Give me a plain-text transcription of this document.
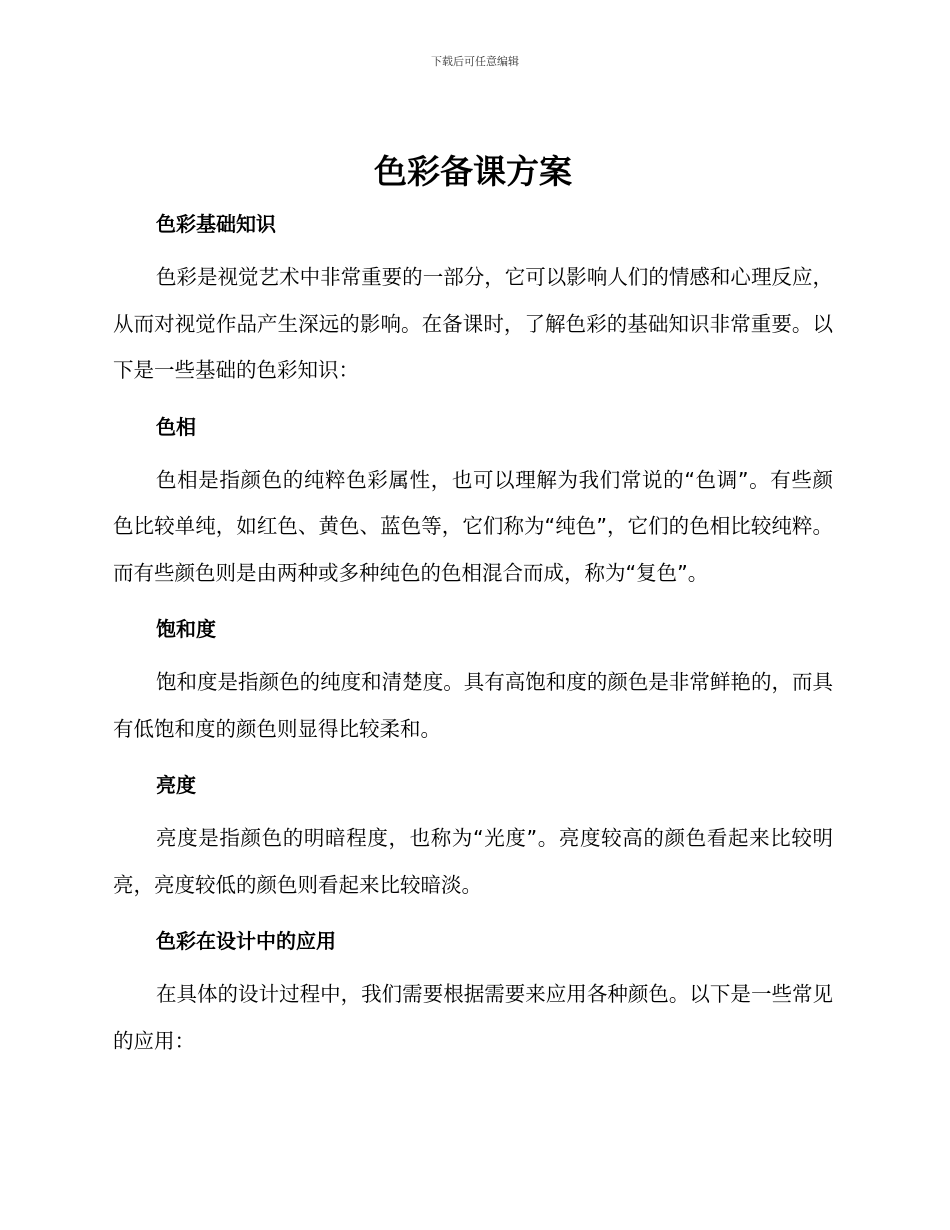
下载后可任意编辑
色彩备课方案
色彩基础知识

色彩是视觉艺术中非常重要的一部分，它可以影响人们的情感和心理反应，从而对视觉作品产生深远的影响。在备课时，了解色彩的基础知识非常重要。以下是一些基础的色彩知识：

色相

色相是指颜色的纯粹色彩属性，也可以理解为我们常说的“色调”。有些颜色比较单纯，如红色、黄色、蓝色等，它们称为“纯色”，它们的色相比较纯粹。而有些颜色则是由两种或多种纯色的色相混合而成，称为“复色”。

饱和度

饱和度是指颜色的纯度和清楚度。具有高饱和度的颜色是非常鲜艳的，而具有低饱和度的颜色则显得比较柔和。

亮度

亮度是指颜色的明暗程度，也称为“光度”。亮度较高的颜色看起来比较明亮，亮度较低的颜色则看起来比较暗淡。

色彩在设计中的应用

在具体的设计过程中，我们需要根据需要来应用各种颜色。以下是一些常见的应用：
